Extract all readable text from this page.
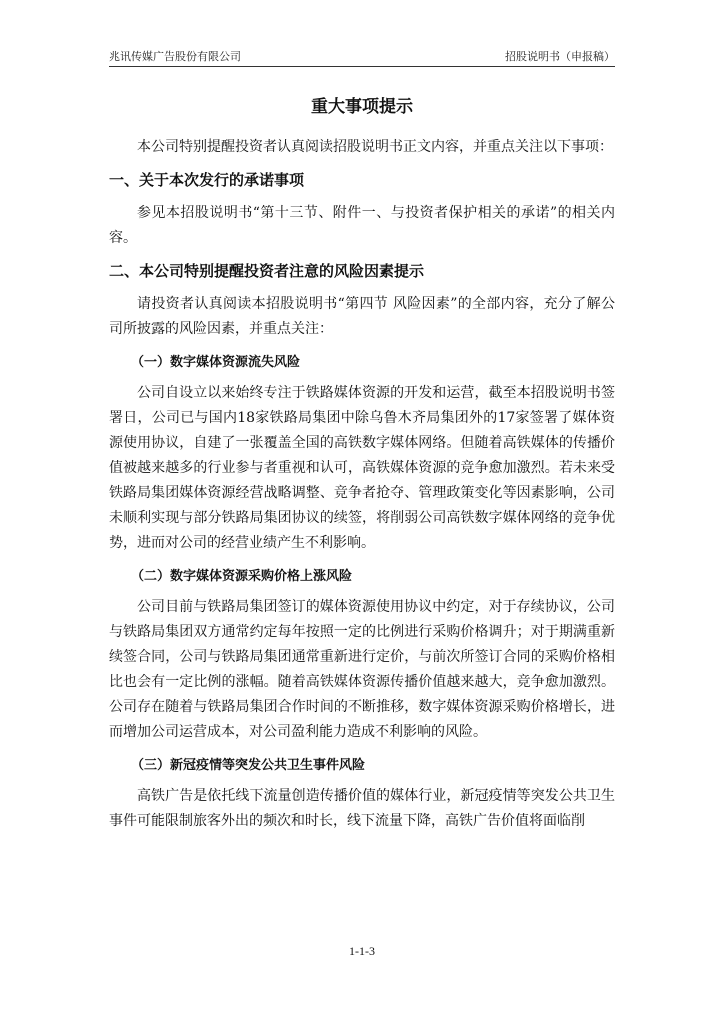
兆讯传媒广告股份有限公司	招股说明书（申报稿）
重大事项提示

本公司特别提醒投资者认真阅读招股说明书正文内容，并重点关注以下事项：

一、关于本次发行的承诺事项

参见本招股说明书“第十三节、附件一、与投资者保护相关的承诺”的相关内容。

二、本公司特别提醒投资者注意的风险因素提示

请投资者认真阅读本招股说明书“第四节 风险因素”的全部内容，充分了解公司所披露的风险因素，并重点关注：

（一）数字媒体资源流失风险

公司自设立以来始终专注于铁路媒体资源的开发和运营，截至本招股说明书签署日，公司已与国内18家铁路局集团中除乌鲁木齐局集团外的17家签署了媒体资源使用协议，自建了一张覆盖全国的高铁数字媒体网络。但随着高铁媒体的传播价值被越来越多的行业参与者重视和认可，高铁媒体资源的竞争愈加激烈。若未来受铁路局集团媒体资源经营战略调整、竞争者抢夺、管理政策变化等因素影响，公司未顺利实现与部分铁路局集团协议的续签，将削弱公司高铁数字媒体网络的竞争优势，进而对公司的经营业绩产生不利影响。

（二）数字媒体资源采购价格上涨风险

公司目前与铁路局集团签订的媒体资源使用协议中约定，对于存续协议，公司与铁路局集团双方通常约定每年按照一定的比例进行采购价格调升；对于期满重新续签合同，公司与铁路局集团通常重新进行定价，与前次所签订合同的采购价格相比也会有一定比例的涨幅。随着高铁媒体资源传播价值越来越大，竞争愈加激烈。公司存在随着与铁路局集团合作时间的不断推移，数字媒体资源采购价格增长，进而增加公司运营成本，对公司盈利能力造成不利影响的风险。

（三）新冠疫情等突发公共卫生事件风险

高铁广告是依托线下流量创造传播价值的媒体行业，新冠疫情等突发公共卫生事件可能限制旅客外出的频次和时长，线下流量下降，高铁广告价值将面临削

1-1-3
